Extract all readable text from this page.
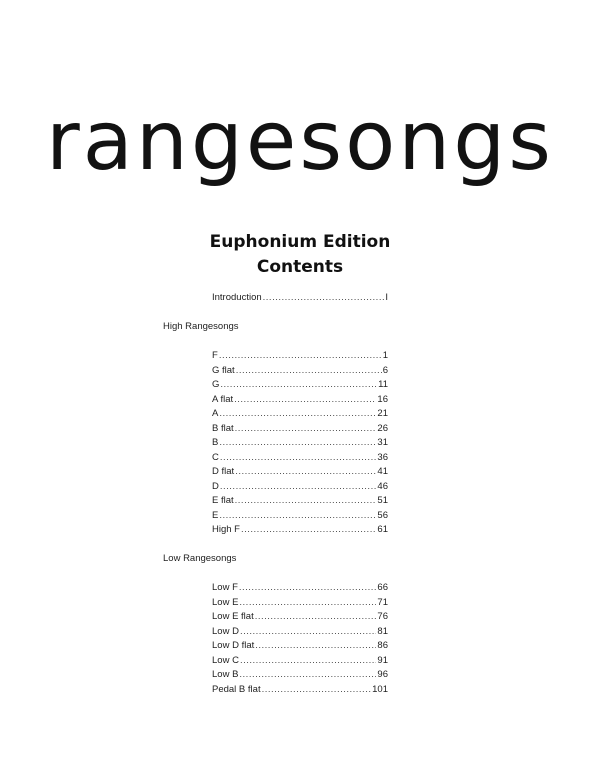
rangesongs
Euphonium Edition
Contents
Introduction .....	I
High Rangesongs
F .....	1
G flat .....	6
G .....	11
A flat .....	16
A .....	21
B flat .....	26
B .....	31
C .....	36
D flat .....	41
D .....	46
E flat .....	51
E .....	56
High F .....	61
Low Rangesongs
Low F .....	66
Low E .....	71
Low E flat .....	76
Low D .....	81
Low D flat .....	86
Low C .....	91
Low B .....	96
Pedal B flat .....	101
